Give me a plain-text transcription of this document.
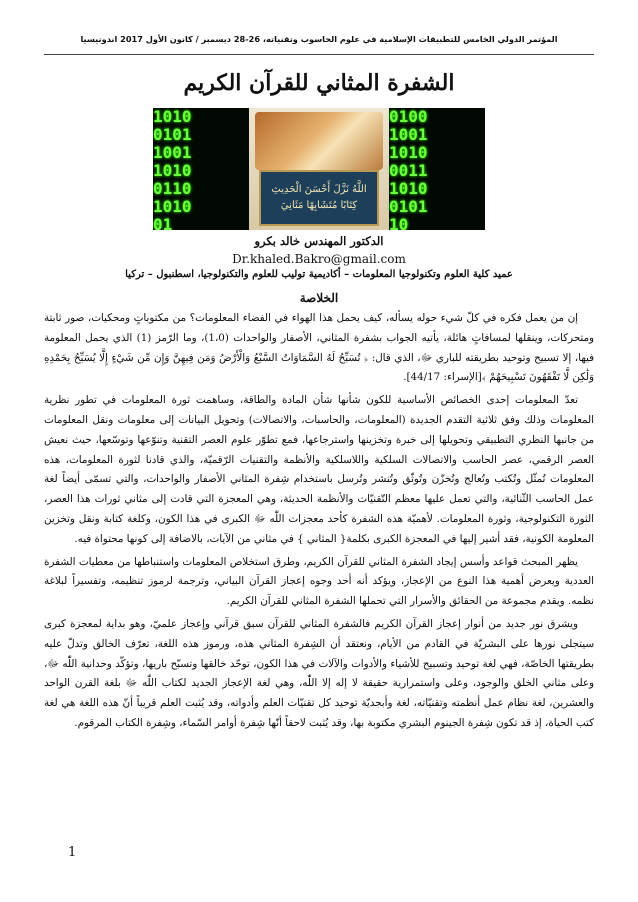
المؤتمر الدولي الخامس للتطبيقات الإسلامية في علوم الحاسوب وتقنياته، 26-28 ديسمبر / كانون الأول 2017 اندونيسيا
الشفرة المثاني للقرآن الكريم
1010
0101
1001
1010
0110
1010
01
اللَّهُ نَزَّلَ أَحْسَنَ الْحَدِيثِ كِتَابًا مُتَشَابِهًا مَثَانِيَ
0100
1001
1010
0011
1010
0101
10
الدكتور المهندس خالد بكرو
Dr.khaled.Bakro@gmail.com
عميد كلية العلوم وتكنولوجيا المعلومات – أكاديمية توليب للعلوم والتكنولوجيا، اسطنبول – تركيا
الخلاصة

إن من يعمل فكره في كلّ شيء حوله يسأله، كيف يحمل هذا الهواء في الفضاء المعلومات؟ من مكتوباتٍ ومحكيات، صور ثابتة ومتحركات، وينقلها لمسافاتٍ هائلة، يأتيه الجواب بشفرة المثاني، الأصفار والواحدات (1،0)، وما الرّمز (1) الذي يحمل المعلومة فيها، إلا تسبيح وتوحيد بطريقته للباري ﷻ، الذي قال: ﴿ تُسَبِّحُ لَهُ السَّمَاوَاتُ السَّبْعُ وَالْأَرْضُ وَمَن فِيهِنَّ وَإِن مِّن شَيْءٍ إِلَّا يُسَبِّحُ بِحَمْدِهِ وَلَٰكِن لَّا تَفْقَهُونَ تَسْبِيحَهُمْ ﴾[الإسراء: 44/17].

تعدّ المعلومات إحدى الخصائص الأساسية للكون شأنها شأن المادة والطاقة، وساهمت ثورة المعلومات في تطور نظرية المعلومات وذلك وفق ثلاثية التقدم الجديدة (المعلومات، والحاسبات، والاتصالات) وتحويل البيانات إلى معلومات ونقل المعلومات من جانبها النظري التطبيقي وتحويلها إلى خبرة وتخزينها واسترجاعها، فمع تطوّر علوم العصر التقنية وتنوّعها وتوسّعها، حيث نعيش العصر الرقمي، عصر الحاسب والاتصالات السلكية واللاسلكية والأنظمة والتقنيات الرّقميّة، والذي قادنا لثورة المعلومات، هذه المعلومات تُمثّل وتُكتب وتُعالج وتُخزّن وتُوثّق وتُنشر وتُرسل باستخدام شِفرة المثاني الأصفار والواحدات، والتي تسمّى أيضاً لغة عمل الحاسب الثّنائية، والتي تعمل عليها معظم التّقنيّات والأنظمة الحديثة، وهي المعجزة التي قادت إلى مثاني ثورات هذا العصر، الثورة التكنولوجية، وثورة المعلومات. لأهميّة هذه الشفرة كأحد معجزات اللّٰه ﷻ الكبرى في هذا الكون، وكلغة كتابة ونقل وتخزين المعلومة الكونية، فقد أشير إليها في المعجزة الكبرى بكلمة{ المثاني } في مثاني من الآيات، بالاضافة إلى كونها محتواة فيه.

يظهر المبحث قواعد وأسس إيجاد الشفرة المثاني للقرآن الكريم، وطرق استخلاص المعلومات واستنباطها من معطيات الشفرة العددية ويعرض أهمية هذا النوع من الإعجاز، ويؤكد أنه أحد وجوه إعجاز القرآن البياني، وترجمة لرموز تنظيمه، وتفسيراً لبلاغة نظمه. ويقدم مجموعة من الحقائق والأسرار التي تحملها الشفرة المثاني للقرآن الكريم.

ويشرق نور جديد من أنوار إعجاز القرآن الكريم فالشفرة المثاني للقرآن سبق قرآني وإعجاز علميّ، وهو بداية لمعجزة كبرى سيتجلى نورها على البشريّة في القادم من الأيام، ونعتقد أن الشِفرة المثاني هذه، ورموز هذه اللغة، تعرّف الخالق وتدلّ عليه بطريقتها الخاصّة، فهي لغة توحيد وتسبيح للأشياء والأدوات والآلات في هذا الكون، توحّد خالقها وتسبّح باريها، وتؤكّد وحدانية اللّٰه ﷻ، وعلى مثاني الخلق والوجود، وعلى واستمرارية حقيقة لا إله إلا اللّٰه، وهي لغة الإعجاز الجديد لكتاب اللّٰه ﷻ بلغة القرن الواحد والعشرين، لغة نظام عمل أنظمته وتقنيّاته، لغة وأبجديّة توحيد كل تقنيّات العلم وأدواته، وقد يُثبت العلم قريباً أنّ هذه اللغة هي لغة كتب الحياة، إذ قد تكون شِفرة الجينوم البشري مكتوبة بها، وقد يُثبت لاحقاً أنّها شِفرة أوامر السّماء، وشِفرة الكتاب المرقوم.

1
